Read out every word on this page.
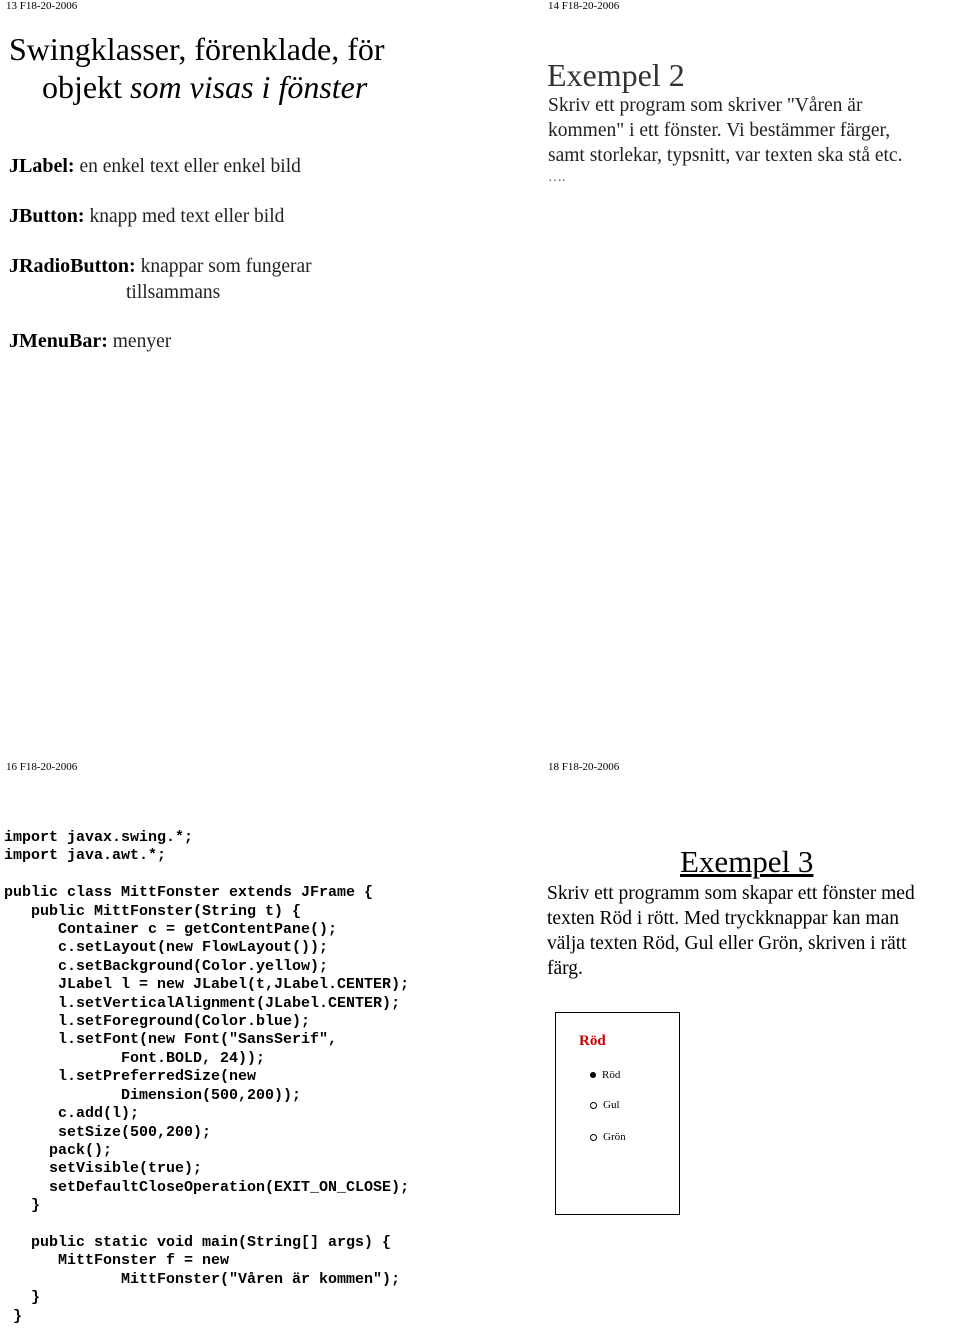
13 F18-20-2006
Swingklasser, förenklade, för
objekt som visas i fönster
JLabel: en enkel text eller enkel bild
JButton: knapp med text eller bild
JRadioButton: knappar som fungerar
tillsammans
JMenuBar: menyer
14 F18-20-2006
Exempel 2
Skriv ett program som skriver "Våren är
kommen" i ett fönster. Vi bestämmer färger,
samt storlekar, typsnitt, var texten ska stå etc.
….
16 F18-20-2006
import javax.swing.*;
import java.awt.*;

public class MittFonster extends JFrame {
public MittFonster(String t) {
Container c = getContentPane();
c.setLayout(new FlowLayout());
c.setBackground(Color.yellow);
JLabel l = new JLabel(t,JLabel.CENTER);
l.setVerticalAlignment(JLabel.CENTER);
l.setForeground(Color.blue);
l.setFont(new Font("SansSerif",
Font.BOLD, 24));
l.setPreferredSize(new
Dimension(500,200));
c.add(l);
setSize(500,200);
pack();
setVisible(true);
setDefaultCloseOperation(EXIT_ON_CLOSE);
}

public static void main(String[] args) {
MittFonster f = new
MittFonster("Våren är kommen");
}
}
18 F18-20-2006
Exempel 3
Skriv ett programm som skapar ett fönster med
texten Röd i rött. Med tryckknappar kan man
välja texten Röd, Gul eller Grön, skriven i rätt
färg.
Röd
Röd
Gul
Grön
